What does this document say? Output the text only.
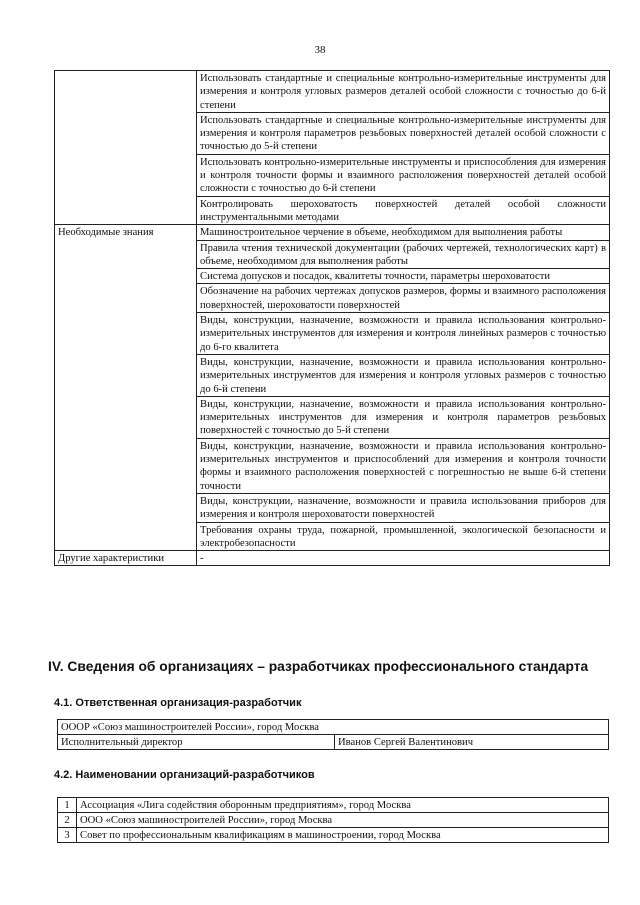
38
	Использовать стандартные и специальные контрольно-измерительные инструменты для измерения и контроля угловых размеров деталей особой сложности с точностью до 6-й степени
	Использовать стандартные и специальные контрольно-измерительные инструменты для измерения и контроля параметров резьбовых поверхностей деталей особой сложности с точностью до 5-й степени
	Использовать контрольно-измерительные инструменты и приспособления для измерения и контроля точности формы и взаимного расположения поверхностей деталей особой сложности с точностью до 6-й степени
	Контролировать шероховатость поверхностей деталей особой сложности инструментальными методами
Необходимые знания	Машиностроительное черчение в объеме, необходимом для выполнения работы
	Правила чтения технической документации (рабочих чертежей, технологических карт) в объеме, необходимом для выполнения работы
	Система допусков и посадок, квалитеты точности, параметры шероховатости
	Обозначение на рабочих чертежах допусков размеров, формы и взаимного расположения поверхностей, шероховатости поверхностей
	Виды, конструкции, назначение, возможности и правила использования контрольно-измерительных инструментов для измерения и контроля линейных размеров с точностью до 6-го квалитета
	Виды, конструкции, назначение, возможности и правила использования контрольно-измерительных инструментов для измерения и контроля угловых размеров с точностью до 6-й степени
	Виды, конструкции, назначение, возможности и правила использования контрольно-измерительных инструментов для измерения и контроля параметров резьбовых поверхностей с точностью до 5-й степени
	Виды, конструкции, назначение, возможности и правила использования контрольно-измерительных инструментов и приспособлений для измерения и контроля точности формы и взаимного расположения поверхностей с погрешностью не выше 6-й степени точности
	Виды, конструкции, назначение, возможности и правила использования приборов для измерения и контроля шероховатости поверхностей
	Требования охраны труда, пожарной, промышленной, экологической безопасности и электробезопасности
Другие характеристики	-
IV. Сведения об организациях – разработчиках профессионального стандарта
4.1. Ответственная организация-разработчик
ОООР «Союз машиностроителей России», город Москва
Исполнительный директор	Иванов Сергей Валентинович
4.2. Наименовании организаций-разработчиков
1	Ассоциация «Лига содействия оборонным предприятиям», город Москва
2	ООО «Союз машиностроителей России», город Москва
3	Совет по профессиональным квалификациям в машиностроении, город Москва
